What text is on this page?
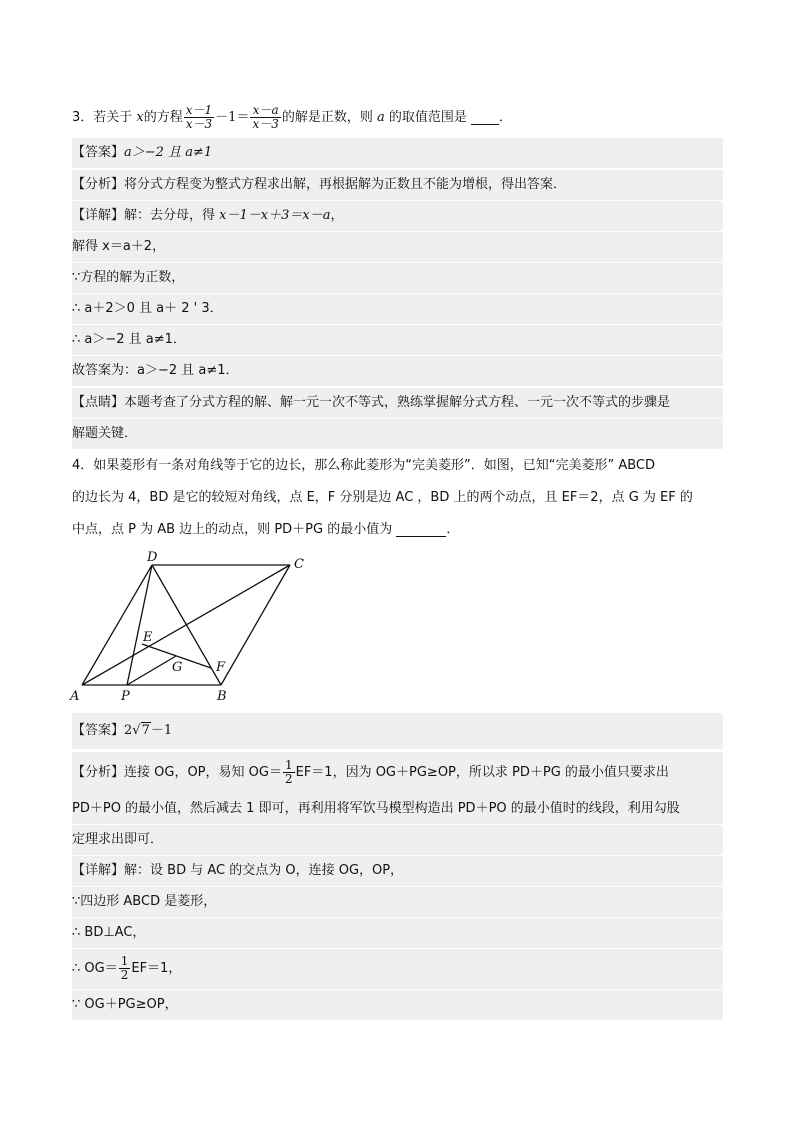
3．若关于 x的方程 $\frac{x-1}{x-3} -1= \frac{x-a}{x-3}$ 的解是正数，则 a 的取值范围是 ．
【答案】a＞−2 且 a≠1
【分析】将分式方程变为整式方程求出解，再根据解为正数且不能为增根，得出答案．
【详解】解：去分母，得 x－1－x＋3＝x－a，
解得 x＝a＋2，
∵方程的解为正数，
∴ a＋2＞0 且 a＋ 2 ' 3．
∴ a＞−2 且 a≠1．
故答案为：a＞−2 且 a≠1．
【点睛】本题考查了分式方程的解、解一元一次不等式，熟练掌握解分式方程、一元一次不等式的步骤是
解题关键．
4．如果菱形有一条对角线等于它的边长，那么称此菱形为“完美菱形”．如图，已知“完美菱形” ABCD
的边长为 4，BD 是它的较短对角线，点 E，F 分别是边 AC ，BD 上的两个动点，且 EF＝2，点 G 为 EF 的
中点，点 P 为 AB 边上的动点，则 PD＋PG 的最小值为	．
A	P	B
C
D
E
F
G
【答案】2√7－1
【分析】连接 OG，OP，易知 $OG= \frac{1}{2} EF=1$，因为 OG＋PG≥OP，所以求 PD＋PG 的最小值只要求出
PD＋PO 的最小值，然后减去 1 即可，再利用将军饮马模型构造出 PD＋PO 的最小值时的线段，利用勾股
定理求出即可．
【详解】解：设 BD 与 AC 的交点为 O，连接 OG，OP，
∵四边形 ABCD 是菱形，
∴ BD⊥AC，
∴ $OG= \frac{1}{2} EF=1$，
∵ OG＋PG≥OP，
